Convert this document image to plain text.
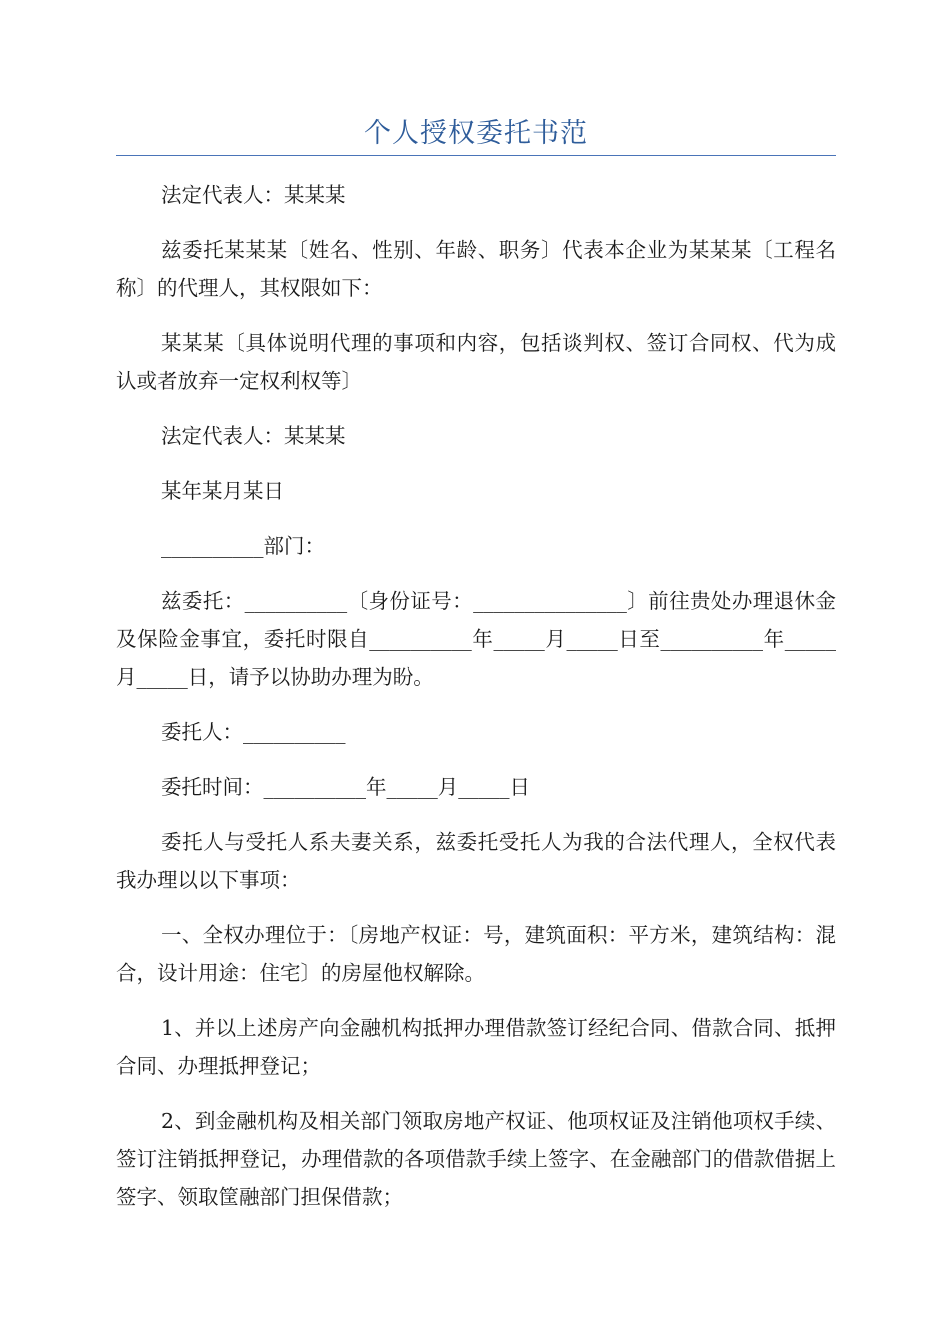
个人授权委托书范

法定代表人：某某某

兹委托某某某〔姓名、性别、年龄、职务〕代表本企业为某某某〔工程名称〕的代理人，其权限如下：

某某某〔具体说明代理的事项和内容，包括谈判权、签订合同权、代为成认或者放弃一定权利权等〕

法定代表人：某某某

某年某月某日

__________部门：

兹委托：__________〔身份证号：_______________〕前往贵处办理退休金及保险金事宜，委托时限自__________年_____月_____日至__________年_____月_____日，请予以协助办理为盼。

委托人：__________

委托时间：__________年_____月_____日

委托人与受托人系夫妻关系，兹委托受托人为我的合法代理人，全权代表我办理以以下事项：

一、全权办理位于：〔房地产权证：号，建筑面积：平方米，建筑结构：混合，设计用途：住宅〕的房屋他权解除。

1、并以上述房产向金融机构抵押办理借款签订经纪合同、借款合同、抵押合同、办理抵押登记；

2、到金融机构及相关部门领取房地产权证、他项权证及注销他项权手续、签订注销抵押登记，办理借款的各项借款手续上签字、在金融部门的借款借据上签字、领取筐融部门担保借款；
